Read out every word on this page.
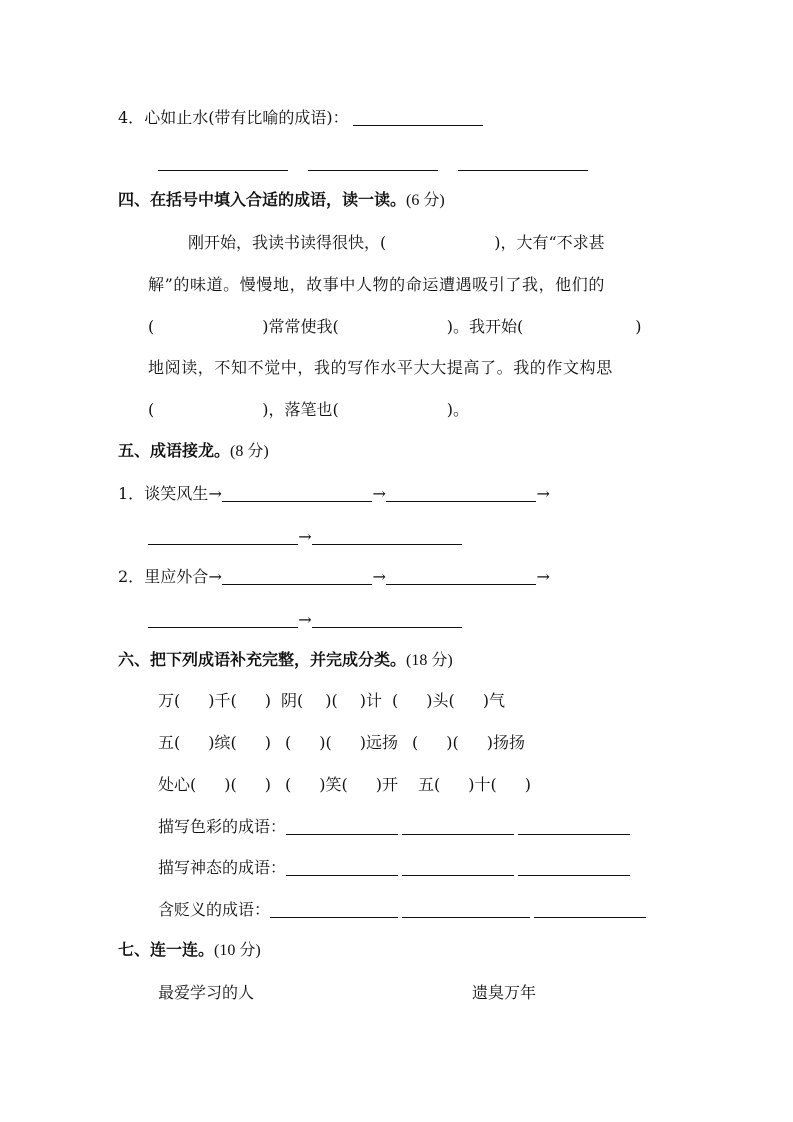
4．心如止水(带有比喻的成语)：
四、在括号中填入合适的成语，读一读。(6 分)
刚开始，我读书读得很快，(	)，大有“不求甚
解”的味道。慢慢地，故事中人物的命运遭遇吸引了我，他们的
(	)常常使我(	)。我开始(	)
地阅读，不知不觉中，我的写作水平大大提高了。我的作文构思
(	)，落笔也(	)。
五、成语接龙。(8 分)
1．谈笑风生→	→	→
→
2．里应外合→	→	→
→
六、把下列成语补充完整，并完成分类。(18 分)
万( )千( ) 阴( )( )计 ( )头( )气
五( )缤( ) ( )( )远扬 ( )( )扬扬
处心( )( ) ( )笑( )开 五( )十( )
描写色彩的成语：
描写神态的成语：
含贬义的成语：
七、连一连。(10 分)
最爱学习的人	遗臭万年
